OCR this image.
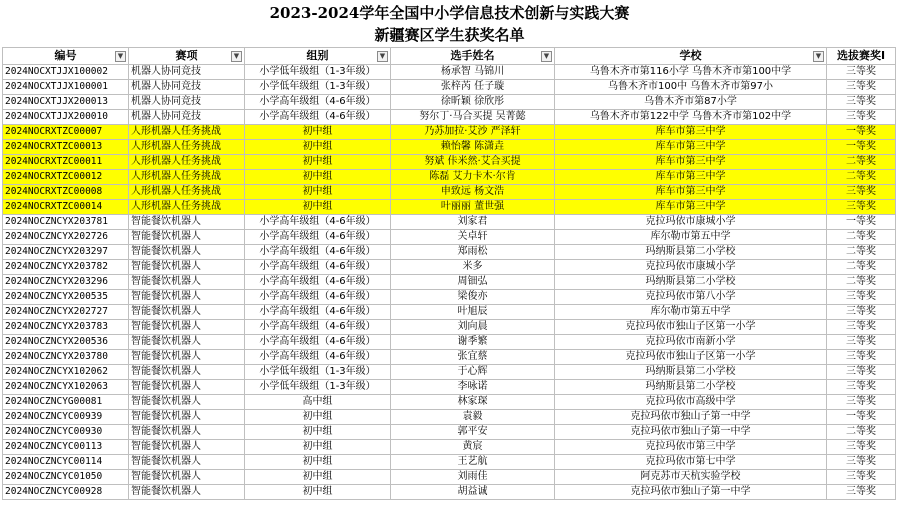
2023-2024学年全国中小学信息技术创新与实践大赛
新疆赛区学生获奖名单
编号 ▼	赛项 ▼	组别 ▼	选手姓名 ▼	学校 ▼	选拔赛奖I
2024NOCXTJJX100002	机器人协同竞技	小学低年级组（1-3年级）	杨承智 马锦川	乌鲁木齐市第116小学 乌鲁木齐市第100中学	三等奖
2024NOCXTJJX100001	机器人协同竞技	小学低年级组（1-3年级）	张梓芮 任子璇	乌鲁木齐市100中 乌鲁木齐市第97小	三等奖
2024NOCXTJJX200013	机器人协同竞技	小学高年级组（4-6年级）	徐昕颖 徐欣彤	乌鲁木齐市第87小学	三等奖
2024NOCXTJJX200010	机器人协同竞技	小学高年级组（4-6年级）	努尔丁·马合买提 吴菁懿	乌鲁木齐市第122中学 乌鲁木齐市第102中学	三等奖
2024NOCRXTZC00007	人形机器人任务挑战	初中组	乃苏加拉·艾沙 严泽轩	库车市第三中学	一等奖
2024NOCRXTZC00013	人形机器人任务挑战	初中组	赖怡馨 陈潇垚	库车市第三中学	一等奖
2024NOCRXTZC00011	人形机器人任务挑战	初中组	努斌 佧米然·艾合买提	库车市第三中学	二等奖
2024NOCRXTZC00012	人形机器人任务挑战	初中组	陈磊 艾力卡木·尔肯	库车市第三中学	二等奖
2024NOCRXTZC00008	人形机器人任务挑战	初中组	申致远 杨文浩	库车市第三中学	三等奖
2024NOCRXTZC00014	人形机器人任务挑战	初中组	叶丽丽 董世强	库车市第三中学	三等奖
2024NOCZNCYX203781	智能餐饮机器人	小学高年级组（4-6年级）	刘家君	克拉玛依市康城小学	一等奖
2024NOCZNCYX202726	智能餐饮机器人	小学高年级组（4-6年级）	关卓轩	库尔勒市第五中学	二等奖
2024NOCZNCYX203297	智能餐饮机器人	小学高年级组（4-6年级）	郑雨松	玛纳斯县第二小学校	二等奖
2024NOCZNCYX203782	智能餐饮机器人	小学高年级组（4-6年级）	米多	克拉玛依市康城小学	二等奖
2024NOCZNCYX203296	智能餐饮机器人	小学高年级组（4-6年级）	周钿弘	玛纳斯县第二小学校	二等奖
2024NOCZNCYX200535	智能餐饮机器人	小学高年级组（4-6年级）	梁俊亦	克拉玛依市第八小学	三等奖
2024NOCZNCYX202727	智能餐饮机器人	小学高年级组（4-6年级）	叶旭辰	库尔勒市第五中学	三等奖
2024NOCZNCYX203783	智能餐饮机器人	小学高年级组（4-6年级）	刘向晨	克拉玛依市独山子区第一小学	三等奖
2024NOCZNCYX200536	智能餐饮机器人	小学高年级组（4-6年级）	谢季繁	克拉玛依市南新小学	三等奖
2024NOCZNCYX203780	智能餐饮机器人	小学高年级组（4-6年级）	张宜蔡	克拉玛依市独山子区第一小学	三等奖
2024NOCZNCYX102062	智能餐饮机器人	小学低年级组（1-3年级）	于心辉	玛纳斯县第二小学校	三等奖
2024NOCZNCYX102063	智能餐饮机器人	小学低年级组（1-3年级）	李咏诺	玛纳斯县第二小学校	三等奖
2024NOCZNCYG00081	智能餐饮机器人	高中组	林家琛	克拉玛依市高级中学	三等奖
2024NOCZNCYC00939	智能餐饮机器人	初中组	袁毅	克拉玛依市独山子第一中学	一等奖
2024NOCZNCYC00930	智能餐饮机器人	初中组	郭平安	克拉玛依市独山子第一中学	二等奖
2024NOCZNCYC00113	智能餐饮机器人	初中组	黄宸	克拉玛依市第三中学	三等奖
2024NOCZNCYC00114	智能餐饮机器人	初中组	王艺航	克拉玛依市第七中学	三等奖
2024NOCZNCYC01050	智能餐饮机器人	初中组	刘雨佳	阿克苏市天杭实验学校	三等奖
2024NOCZNCYC00928	智能餐饮机器人	初中组	胡益诚	克拉玛依市独山子第一中学	三等奖
